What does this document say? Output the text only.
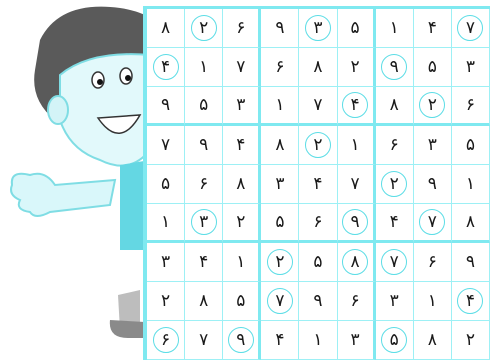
۸ ۲ ۶ ۹ ۳ ۵ ۱ ۴ ۷
۴ ۱ ۷ ۶ ۸ ۲ ۹ ۵ ۳
۹ ۵ ۳ ۱ ۷ ۴ ۸ ۲ ۶
۷ ۹ ۴ ۸ ۲ ۱ ۶ ۳ ۵
۵ ۶ ۸ ۳ ۴ ۷ ۲ ۹ ۱
۱ ۳ ۲ ۵ ۶ ۹ ۴ ۷ ۸
۳ ۴ ۱ ۲ ۵ ۸ ۷ ۶ ۹
۲ ۸ ۵ ۷ ۹ ۶ ۳ ۱ ۴
۶ ۷ ۹ ۴ ۱ ۳ ۵ ۸ ۲
